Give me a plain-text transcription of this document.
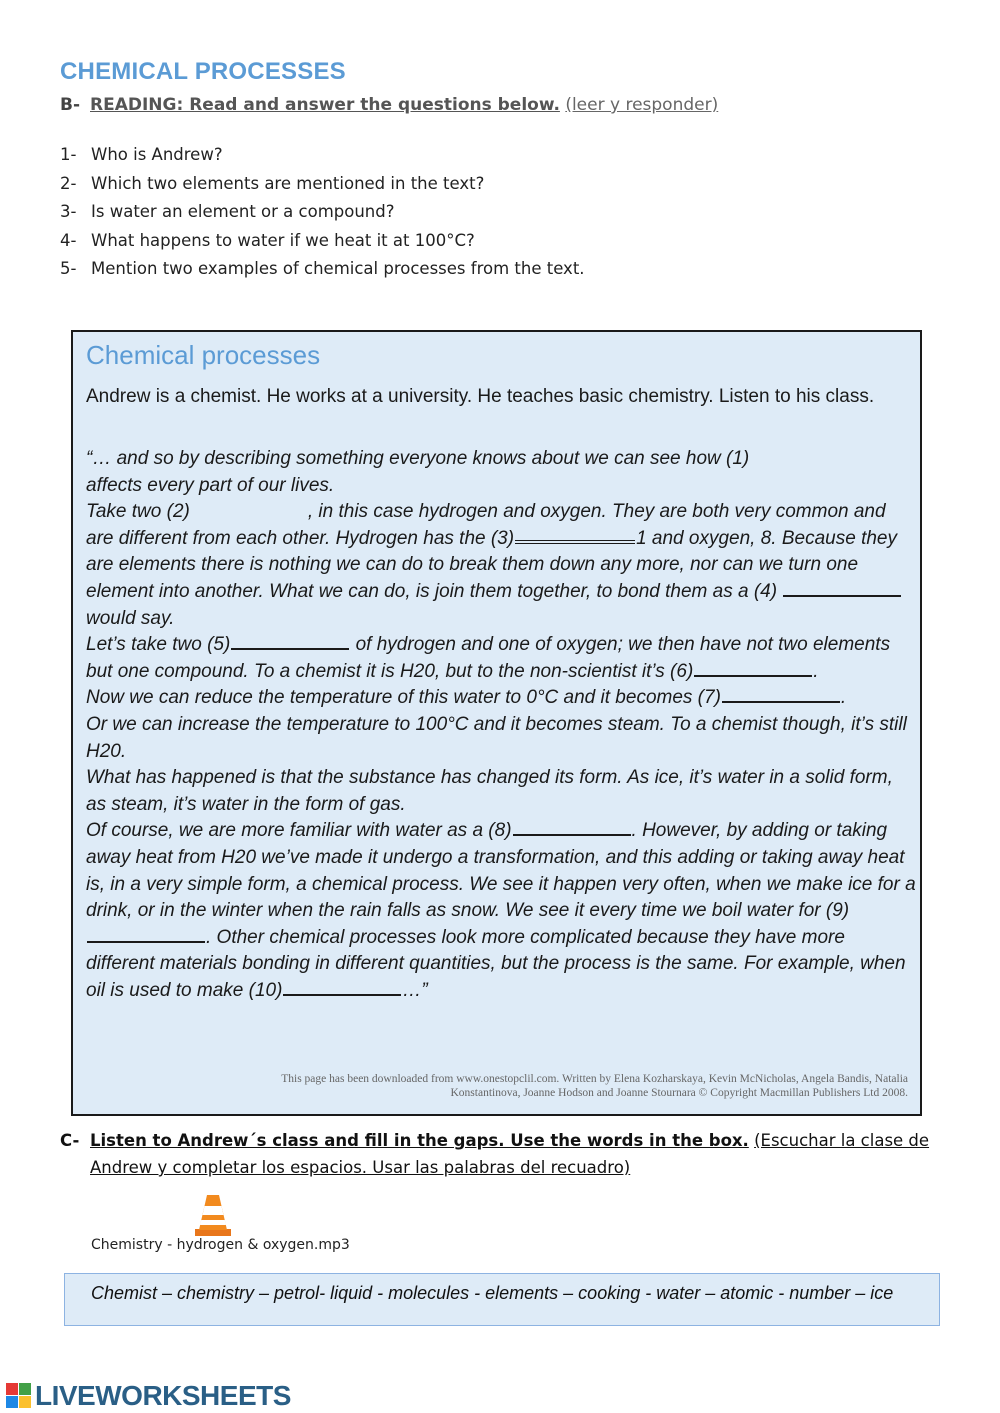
CHEMICAL PROCESSES
B- READING: Read and answer the questions below. (leer y responder)
1- Who is Andrew?
2- Which two elements are mentioned in the text?
3- Is water an element or a compound?
4- What happens to water if we heat it at 100°C?
5- Mention two examples of chemical processes from the text.
Chemical processes

Andrew is a chemist. He works at a university. He teaches basic chemistry. Listen to his class.

“… and so by describing something everyone knows about we can see how (1)
affects every part of our lives.
Take two (2)	, in this case hydrogen and oxygen. They are both very common and are different from each other. Hydrogen has the (3)	1 and oxygen, 8. Because they are elements there is nothing we can do to break them down any more, nor can we turn one element into another. What we can do, is join them together, to bond them as a (4) would say.
Let’s take two (5)	of hydrogen and one of oxygen; we then have not two elements but one compound. To a chemist it is H20, but to the non-scientist it’s (6)	.
Now we can reduce the temperature of this water to 0°C and it becomes (7)	.
Or we can increase the temperature to 100°C and it becomes steam. To a chemist though, it’s still H20.
What has happened is that the substance has changed its form. As ice, it’s water in a solid form, as steam, it’s water in the form of gas.
Of course, we are more familiar with water as a (8)	. However, by adding or taking away heat from H20 we’ve made it undergo a transformation, and this adding or taking away heat is, in a very simple form, a chemical process. We see it happen very often, when we make ice for a drink, or in the winter when the rain falls as snow. We see it every time we boil water for (9). Other chemical processes look more complicated because they have more different materials bonding in different quantities, but the process is the same. For example, when oil is used to make (10)	…”

This page has been downloaded from www.onestopclil.com. Written by Elena Kozharskaya, Kevin McNicholas, Angela Bandis, Natalia
Konstantinova, Joanne Hodson and Joanne Stournara © Copyright Macmillan Publishers Ltd 2008.

C- Listen to Andrew´s class and fill in the gaps. Use the words in the box. (Escuchar la clase de Andrew y completar los espacios. Usar las palabras del recuadro)
Chemistry - hydrogen & oxygen.mp3
Chemist – chemistry – petrol- liquid - molecules - elements – cooking - water – atomic - number – ice
LIVEWORKSHEETS
